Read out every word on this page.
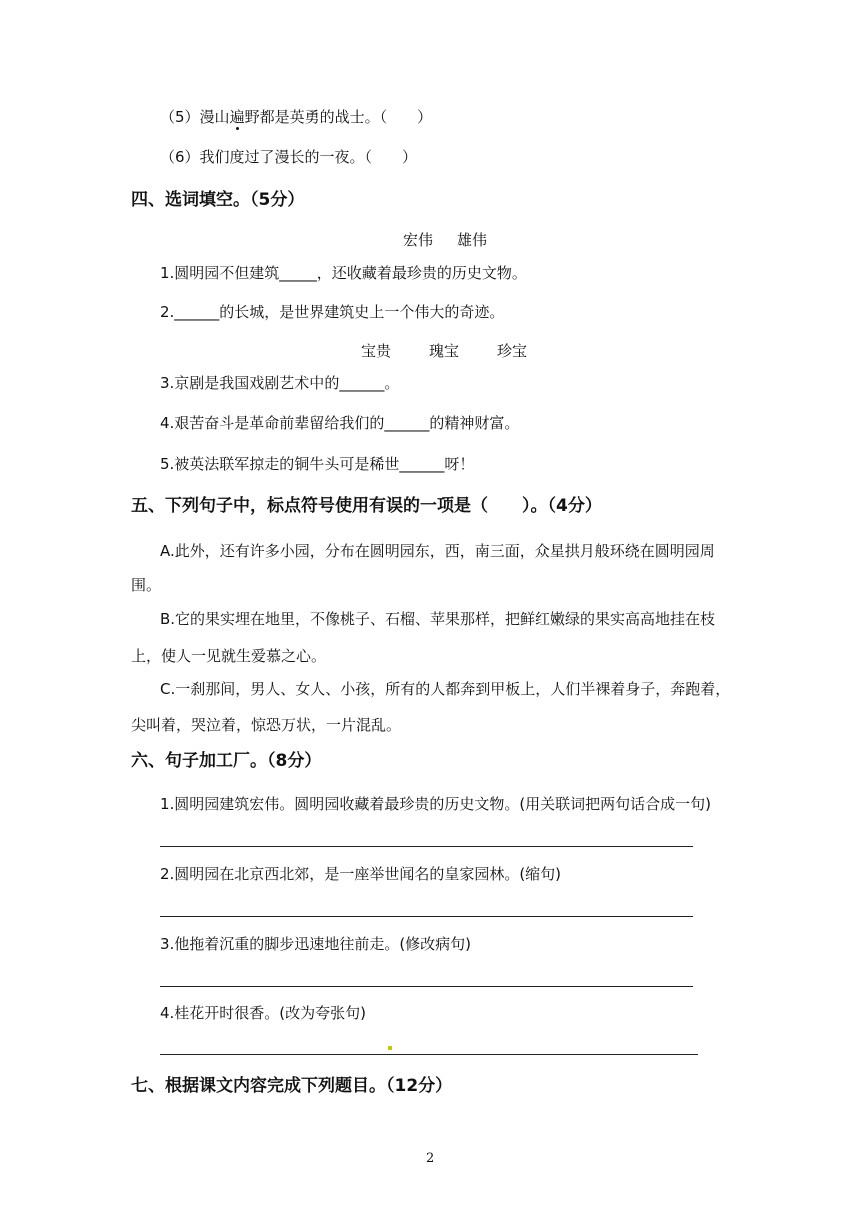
（5）漫山遍野都是英勇的战士。（　　）
（6）我们度过了漫长的一夜。（　　）
四、选词填空。（5分）
宏伟 雄伟
1.圆明园不但建筑_____，还收藏着最珍贵的历史文物。
2.______的长城，是世界建筑史上一个伟大的奇迹。
宝贵	瑰宝	珍宝
3.京剧是我国戏剧艺术中的______。
4.艰苦奋斗是革命前辈留给我们的______的精神财富。
5.被英法联军掠走的铜牛头可是稀世______呀！
五、下列句子中，标点符号使用有误的一项是（　　）。（4分）
A.此外，还有许多小园，分布在圆明园东，西，南三面，众星拱月般环绕在圆明园周
围。
B.它的果实埋在地里，不像桃子、石榴、苹果那样，把鲜红嫩绿的果实高高地挂在枝
上，使人一见就生爱慕之心。
C.一刹那间，男人、女人、小孩，所有的人都奔到甲板上，人们半裸着身子，奔跑着，
尖叫着，哭泣着，惊恐万状，一片混乱。
六、句子加工厂。（8分）
1.圆明园建筑宏伟。圆明园收藏着最珍贵的历史文物。(用关联词把两句话合成一句)
2.圆明园在北京西北郊，是一座举世闻名的皇家园林。(缩句)
3.他拖着沉重的脚步迅速地往前走。(修改病句)
4.桂花开时很香。(改为夸张句)
七、根据课文内容完成下列题目。（12分）
2
